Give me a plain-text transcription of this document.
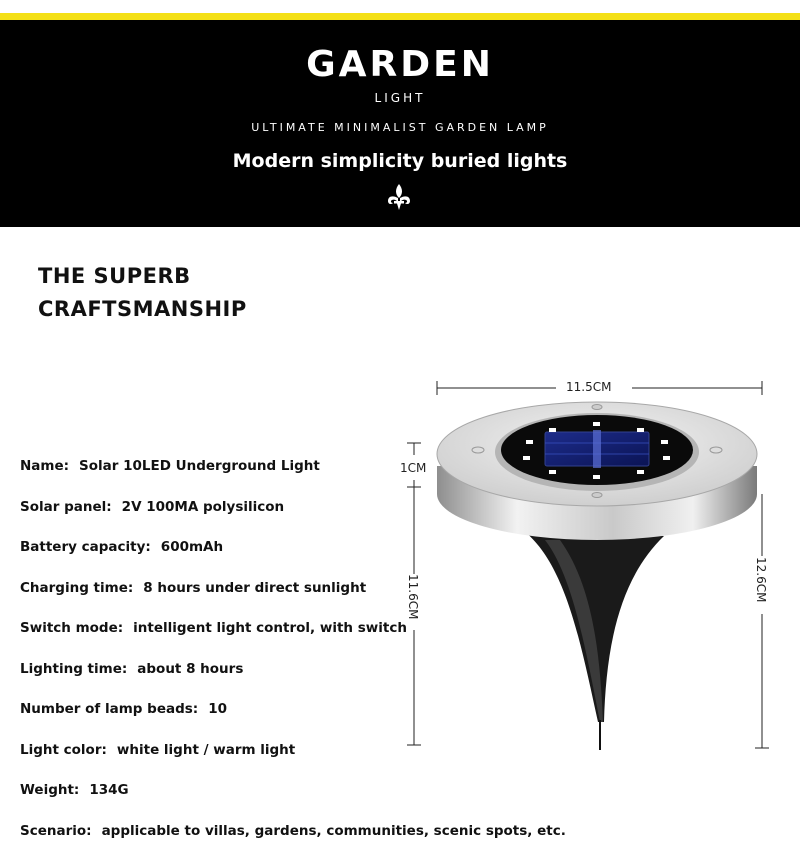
GARDEN
LIGHT
ULTIMATE MINIMALIST GARDEN LAMP
Modern simplicity buried lights
THE SUPERB
CRAFTSMANSHIP
Name: Solar 10LED Underground Light
Solar panel: 2V 100MA polysilicon
Battery capacity: 600mAh
Charging time: 8 hours under direct sunlight
Switch mode: intelligent light control, with switch
Lighting time: about 8 hours
Number of lamp beads: 10
Light color: white light / warm light
Weight: 134G
Scenario: applicable to villas, gardens, communities, scenic spots, etc.
11.5CM
1CM
11.6CM	12.6CM
